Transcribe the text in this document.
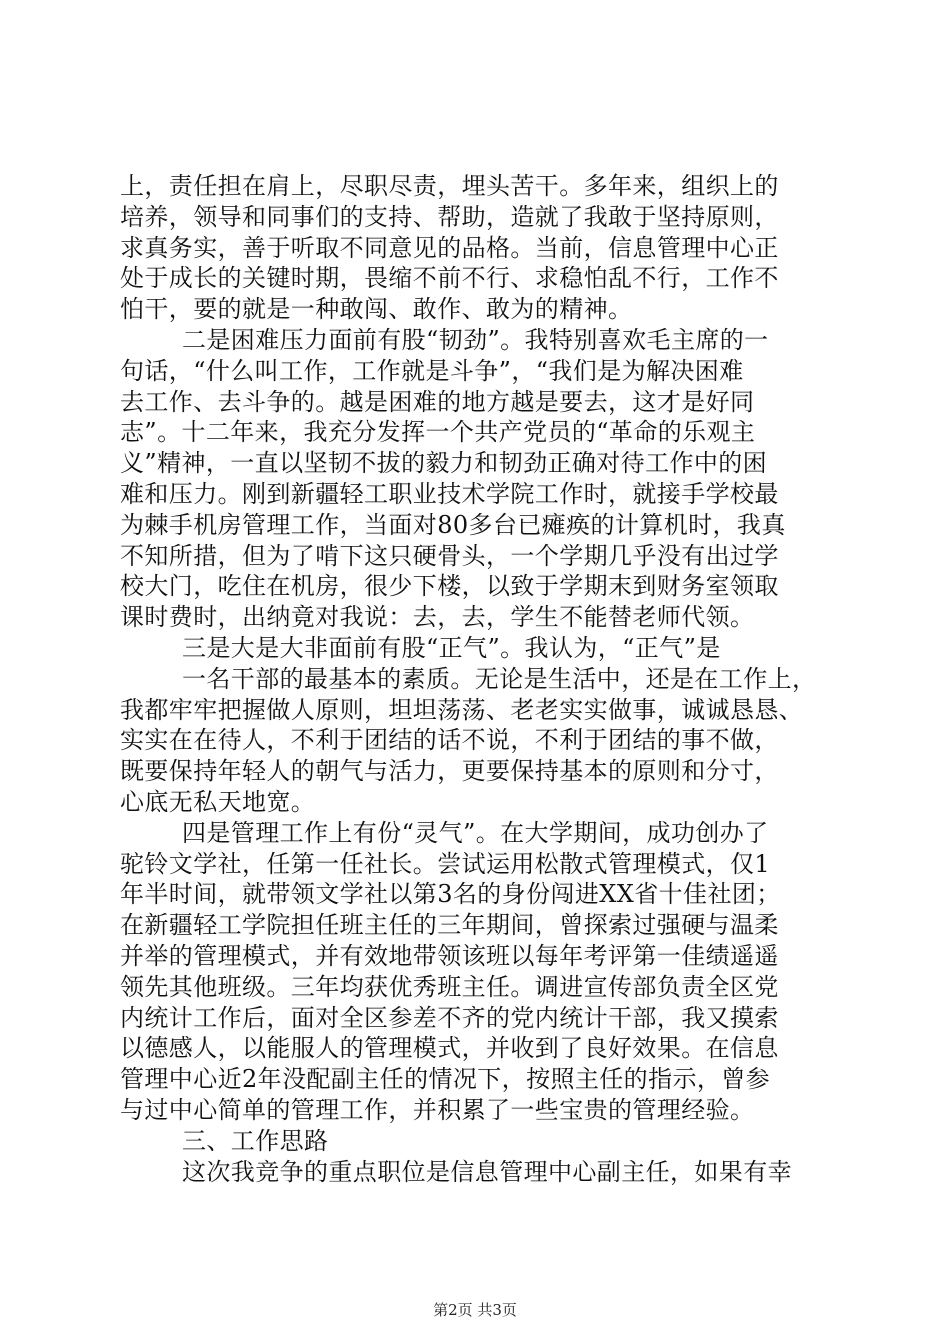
上，责任担在肩上，尽职尽责，埋头苦干。多年来，组织上的
培养，领导和同事们的支持、帮助，造就了我敢于坚持原则，
求真务实，善于听取不同意见的品格。当前，信息管理中心正
处于成长的关键时期，畏缩不前不行、求稳怕乱不行，工作不
怕干，要的就是一种敢闯、敢作、敢为的精神。
二是困难压力面前有股“韧劲”。我特别喜欢毛主席的一
句话，“什么叫工作，工作就是斗争”，“我们是为解决困难
去工作、去斗争的。越是困难的地方越是要去，这才是好同
志”。十二年来，我充分发挥一个共产党员的“革命的乐观主
义”精神，一直以坚韧不拔的毅力和韧劲正确对待工作中的困
难和压力。刚到新疆轻工职业技术学院工作时，就接手学校最
为棘手机房管理工作，当面对80多台已瘫痪的计算机时，我真
不知所措，但为了啃下这只硬骨头，一个学期几乎没有出过学
校大门，吃住在机房，很少下楼，以致于学期末到财务室领取
课时费时，出纳竟对我说：去，去，学生不能替老师代领。
三是大是大非面前有股“正气”。我认为，“正气”是
一名干部的最基本的素质。无论是生活中，还是在工作上，
我都牢牢把握做人原则，坦坦荡荡、老老实实做事，诚诚恳恳、
实实在在待人，不利于团结的话不说，不利于团结的事不做，
既要保持年轻人的朝气与活力，更要保持基本的原则和分寸，
心底无私天地宽。
四是管理工作上有份“灵气”。在大学期间，成功创办了
驼铃文学社，任第一任社长。尝试运用松散式管理模式，仅1
年半时间，就带领文学社以第3名的身份闯进XX省十佳社团；
在新疆轻工学院担任班主任的三年期间，曾探索过强硬与温柔
并举的管理模式，并有效地带领该班以每年考评第一佳绩遥遥
领先其他班级。三年均获优秀班主任。调进宣传部负责全区党
内统计工作后，面对全区参差不齐的党内统计干部，我又摸索
以德感人，以能服人的管理模式，并收到了良好效果。在信息
管理中心近2年没配副主任的情况下，按照主任的指示，曾参
与过中心简单的管理工作，并积累了一些宝贵的管理经验。
三、工作思路
这次我竞争的重点职位是信息管理中心副主任，如果有幸
第2页 共3页
